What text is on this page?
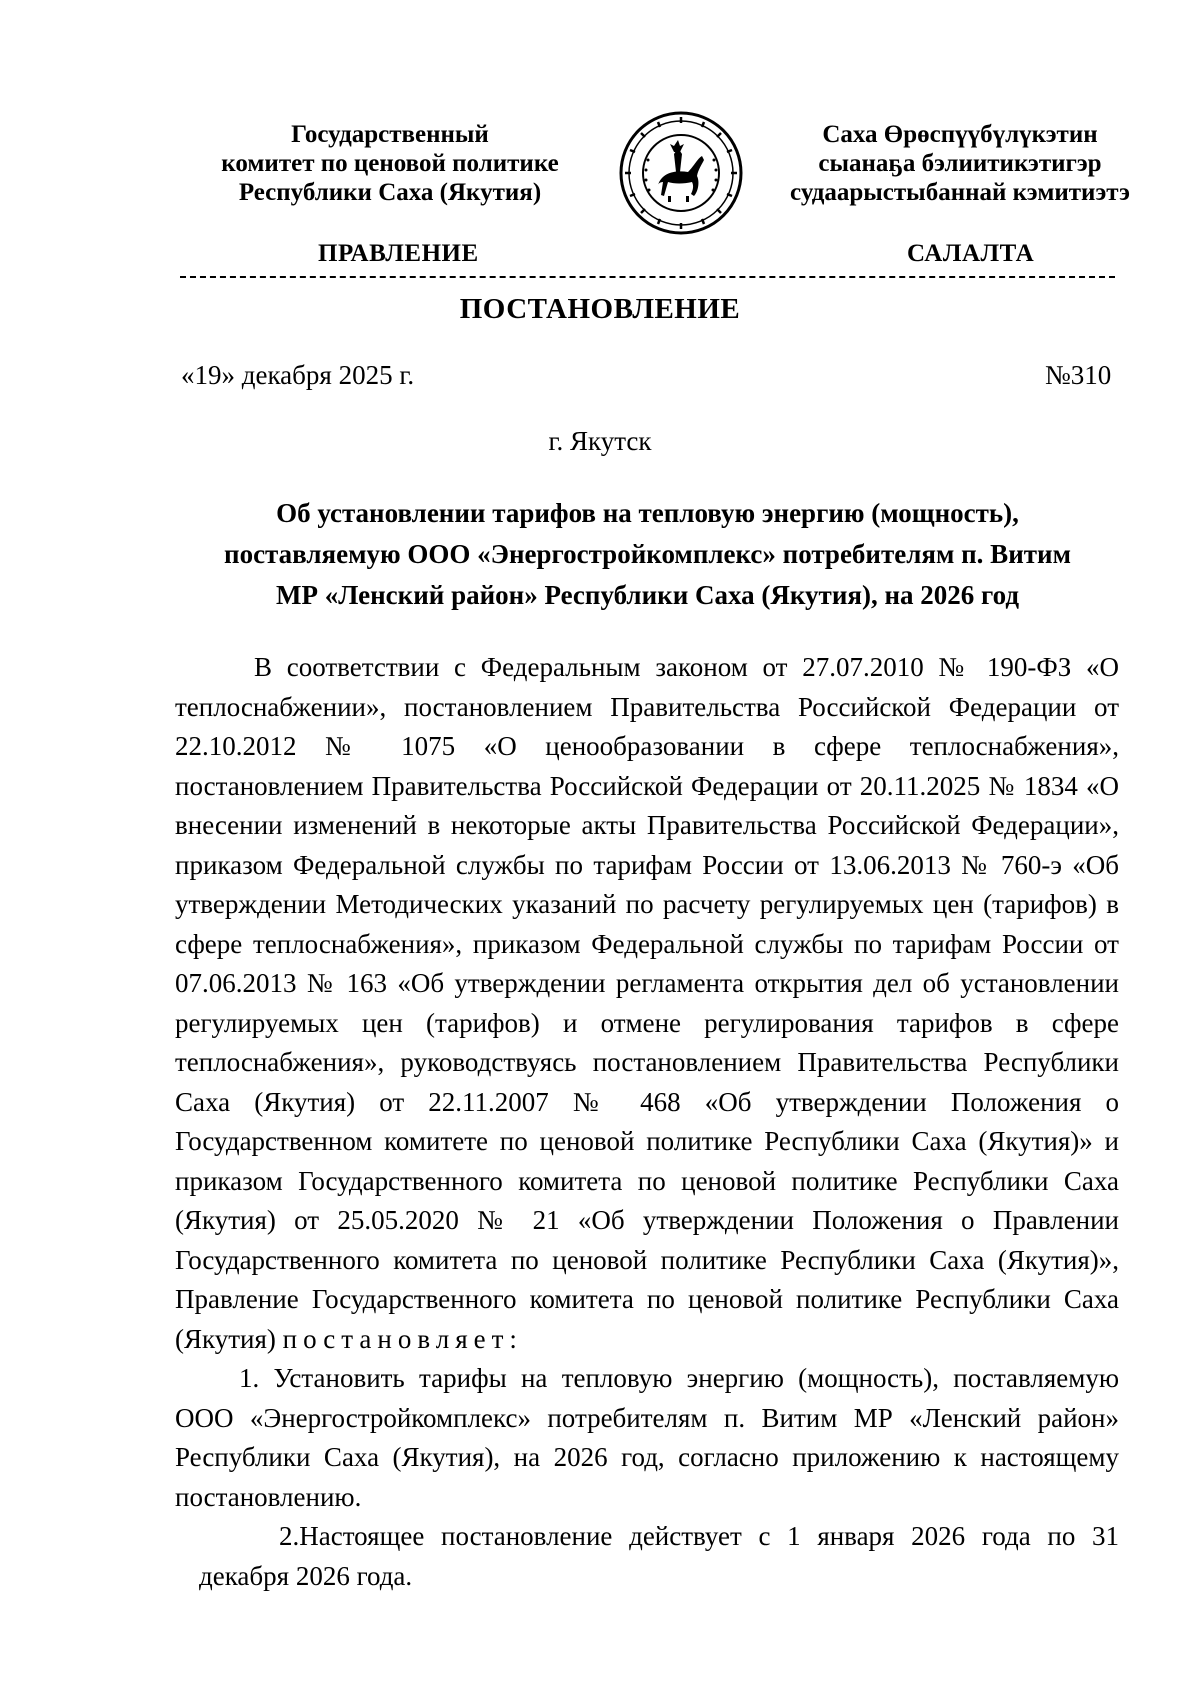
Государственный
комитет по ценовой политике
Республики Саха (Якутия)
Саха Өрөспүүбүлүкэтин
сыанаҕа бэлиитикэтигэр
судаарыстыбаннай кэмитиэтэ
ПРАВЛЕНИЕ	САЛАЛТА
ПОСТАНОВЛЕНИЕ
«19» декабря 2025 г.	№310
г. Якутск
Об установлении тарифов на тепловую энергию (мощность),
поставляемую ООО «Энергостройкомплекс» потребителям п. Витим
МР «Ленский район» Республики Саха (Якутия), на 2026 год

В соответствии с Федеральным законом от 27.07.2010 № 190-ФЗ «О теплоснабжении», постановлением Правительства Российской Федерации от 22.10.2012 № 1075 «О ценообразовании в сфере теплоснабжения», постановлением Правительства Российской Федерации от 20.11.2025 № 1834 «О внесении изменений в некоторые акты Правительства Российской Федерации», приказом Федеральной службы по тарифам России от 13.06.2013 № 760-э «Об утверждении Методических указаний по расчету регулируемых цен (тарифов) в сфере теплоснабжения», приказом Федеральной службы по тарифам России от 07.06.2013 № 163 «Об утверждении регламента открытия дел об установлении регулируемых цен (тарифов) и отмене регулирования тарифов в сфере теплоснабжения», руководствуясь постановлением Правительства Республики Саха (Якутия) от 22.11.2007 № 468 «Об утверждении Положения о Государственном комитете по ценовой политике Республики Саха (Якутия)» и приказом Государственного комитета по ценовой политике Республики Саха (Якутия) от 25.05.2020 № 21 «Об утверждении Положения о Правлении Государственного комитета по ценовой политике Республики Саха (Якутия)», Правление Государственного комитета по ценовой политике Республики Саха (Якутия) постановляет:

1. Установить тарифы на тепловую энергию (мощность), поставляемую ООО «Энергостройкомплекс» потребителям п. Витим МР «Ленский район» Республики Саха (Якутия), на 2026 год, согласно приложению к настоящему постановлению.

2.Настоящее постановление действует с 1 января 2026 года по 31 декабря 2026 года.
